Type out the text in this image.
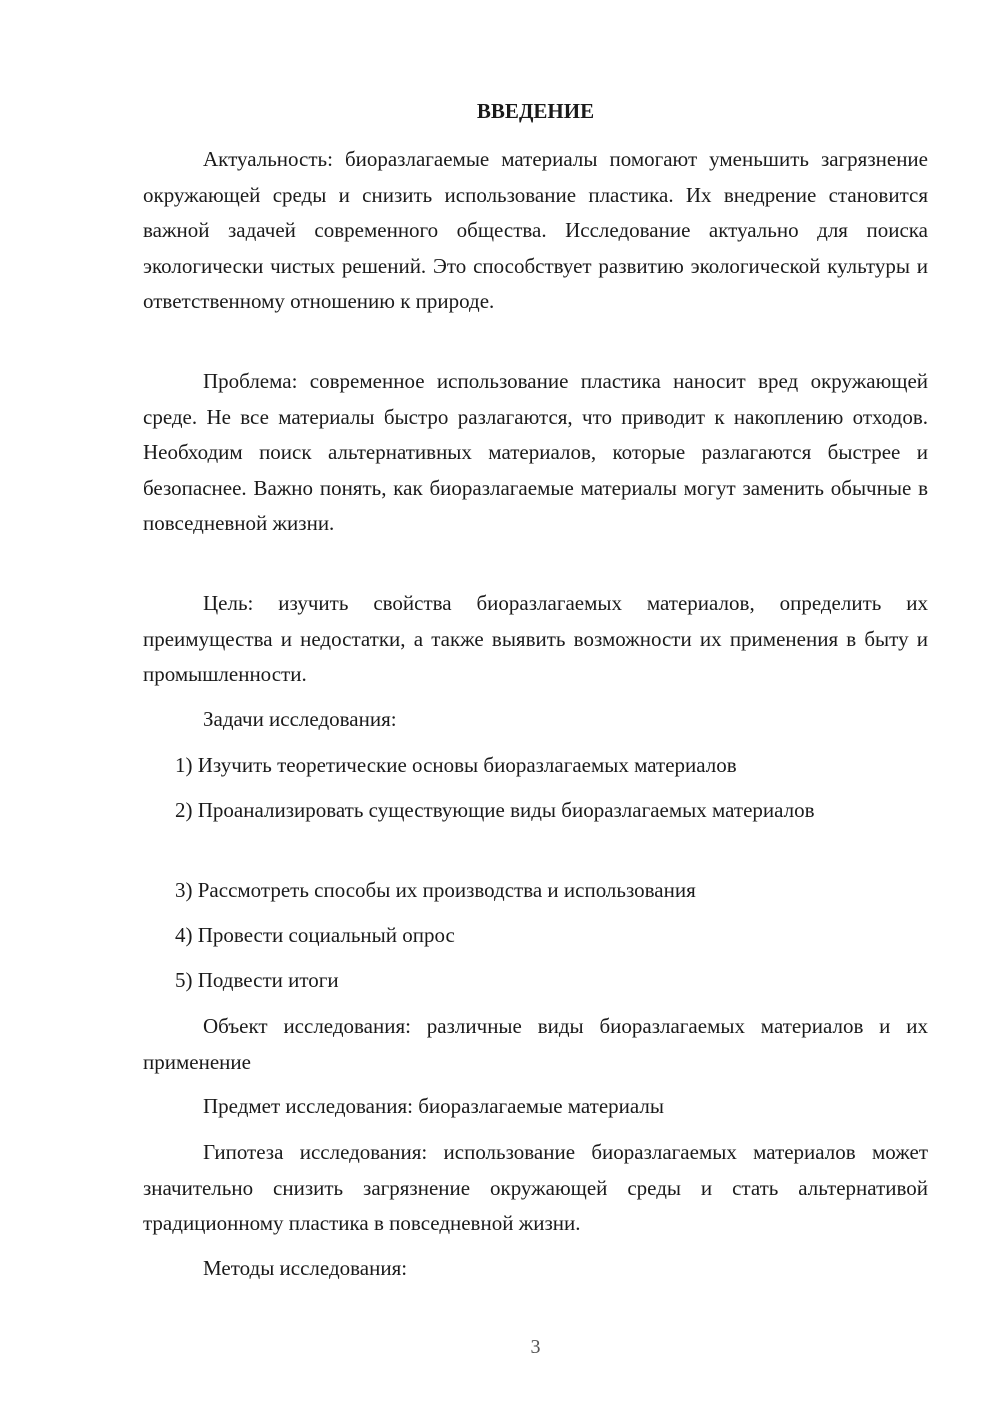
ВВЕДЕНИЕ

Актуальность: биоразлагаемые материалы помогают уменьшить загрязнение окружающей среды и снизить использование пластика. Их внедрение становится важной задачей современного общества. Исследование актуально для поиска экологически чистых решений. Это способствует развитию экологической культуры и ответственному отношению к природе.

Проблема: современное использование пластика наносит вред окружающей среде. Не все материалы быстро разлагаются, что приводит к накоплению отходов. Необходим поиск альтернативных материалов, которые разлагаются быстрее и безопаснее. Важно понять, как биоразлагаемые материалы могут заменить обычные в повседневной жизни.

Цель: изучить свойства биоразлагаемых материалов, определить их преимущества и недостатки, а также выявить возможности их применения в быту и промышленности.

Задачи исследования:

1) Изучить теоретические основы биоразлагаемых материалов

2) Проанализировать существующие виды биоразлагаемых материалов

3) Рассмотреть способы их производства и использования

4) Провести социальный опрос

5) Подвести итоги

Объект исследования: различные виды биоразлагаемых материалов и их применение

Предмет исследования: биоразлагаемые материалы

Гипотеза исследования: использование биоразлагаемых материалов может значительно снизить загрязнение окружающей среды и стать альтернативой традиционному пластика в повседневной жизни.

Методы исследования:

3
